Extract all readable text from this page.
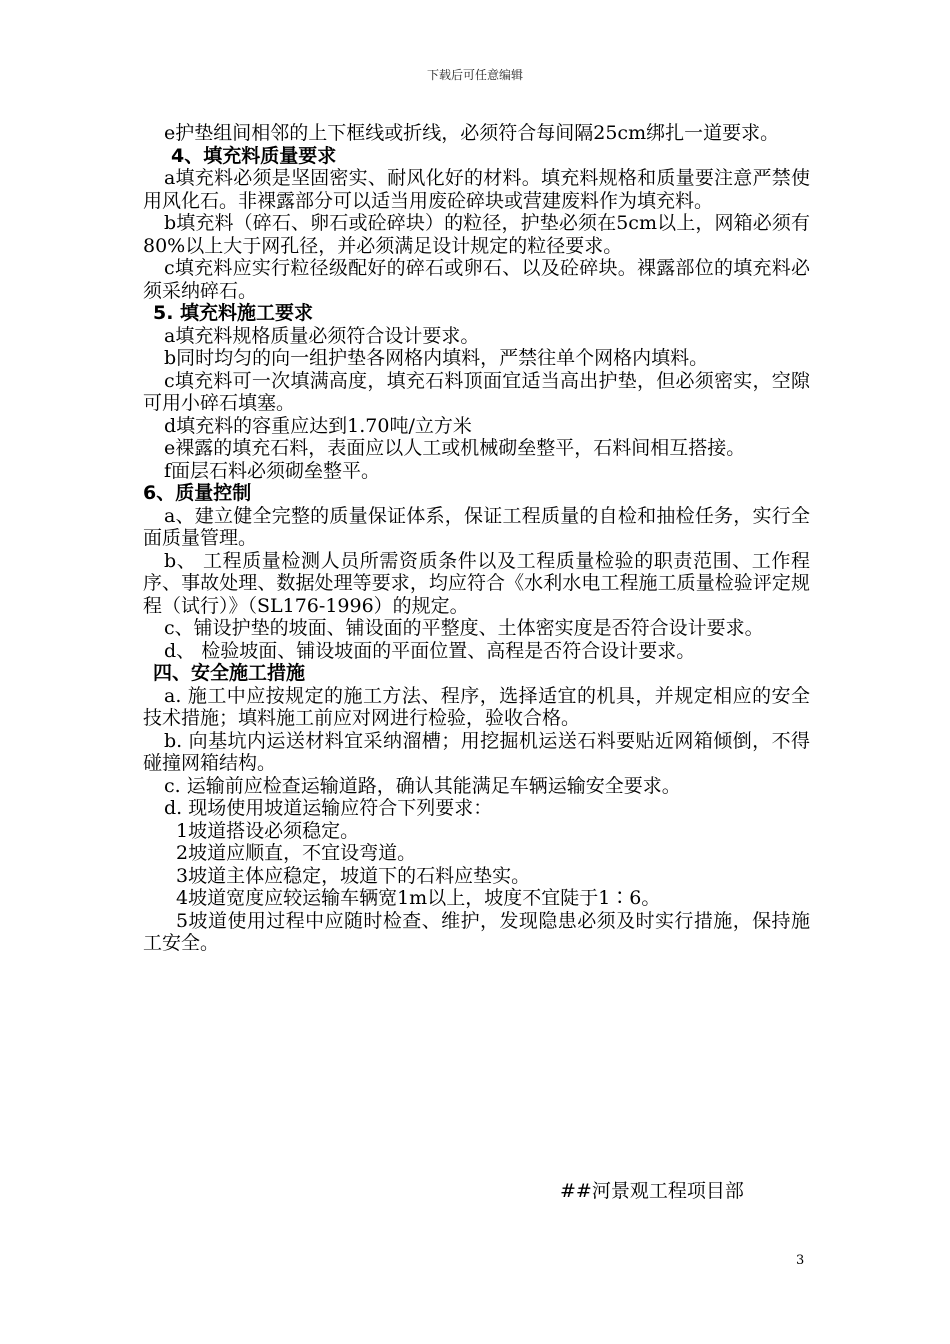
下载后可任意编辑

e护垫组间相邻的上下框线或折线，必须符合每间隔25cm绑扎一道要求。

4、填充料质量要求

a填充料必须是坚固密实、耐风化好的材料。填充料规格和质量要注意严禁使用风化石。非裸露部分可以适当用废砼碎块或营建废料作为填充料。

b填充料（碎石、卵石或砼碎块）的粒径，护垫必须在5cm以上，网箱必须有80%以上大于网孔径，并必须满足设计规定的粒径要求。

c填充料应实行粒径级配好的碎石或卵石、以及砼碎块。裸露部位的填充料必须采纳碎石。

5. 填充料施工要求

a填充料规格质量必须符合设计要求。

b同时均匀的向一组护垫各网格内填料，严禁往单个网格内填料。

c填充料可一次填满高度，填充石料顶面宜适当高出护垫，但必须密实，空隙可用小碎石填塞。

d填充料的容重应达到1.70吨/立方米

e裸露的填充石料，表面应以人工或机械砌垒整平，石料间相互搭接。

f面层石料必须砌垒整平。

6、质量控制

a、建立健全完整的质量保证体系，保证工程质量的自检和抽检任务，实行全面质量管理。

b、 工程质量检测人员所需资质条件以及工程质量检验的职责范围、工作程序、事故处理、数据处理等要求，均应符合《水利水电工程施工质量检验评定规程（试行）》（SL176-1996）的规定。

c、铺设护垫的坡面、铺设面的平整度、土体密实度是否符合设计要求。

d、 检验坡面、铺设坡面的平面位置、高程是否符合设计要求。

四、安全施工措施

a. 施工中应按规定的施工方法、程序，选择适宜的机具，并规定相应的安全技术措施；填料施工前应对网进行检验，验收合格。

b. 向基坑内运送材料宜采纳溜槽；用挖掘机运送石料要贴近网箱倾倒，不得碰撞网箱结构。

c. 运输前应检查运输道路，确认其能满足车辆运输安全要求。

d. 现场使用坡道运输应符合下列要求：

1坡道搭设必须稳定。

2坡道应顺直，不宜设弯道。

3坡道主体应稳定，坡道下的石料应垫实。

4坡道宽度应较运输车辆宽1m以上，坡度不宜陡于1∶6。

5坡道使用过程中应随时检查、维护，发现隐患必须及时实行措施，保持施工安全。

##河景观工程项目部
3
